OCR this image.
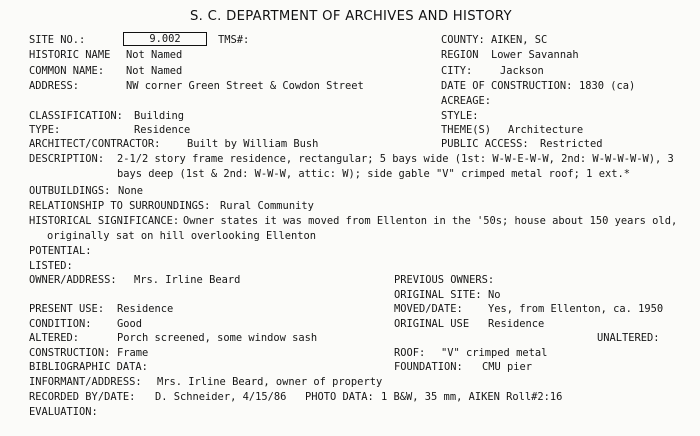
S. C. DEPARTMENT OF ARCHIVES AND HISTORY
SITE NO.:	9.002	TMS#:	COUNTY: AIKEN, SC
HISTORIC NAME Not Named	REGION Lower Savannah
COMMON NAME: Not Named	CITY:	Jackson
ADDRESS:	NW corner Green Street & Cowdon Street	DATE OF CONSTRUCTION: 1830 (ca)
ACREAGE:
CLASSIFICATION: Building	STYLE:
TYPE:	Residence	THEME(S) Architecture
ARCHITECT/CONTRACTOR:	Built by William Bush	PUBLIC ACCESS: Restricted
DESCRIPTION: 2-1/2 story frame residence, rectangular; 5 bays wide (1st: W-W-E-W-W, 2nd: W-W-W-W-W), 3
bays deep (1st & 2nd: W-W-W, attic: W); side gable "V" crimped metal roof; 1 ext.*
OUTBUILDINGS: None
RELATIONSHIP TO SURROUNDINGS: Rural Community
HISTORICAL SIGNIFICANCE: Owner states it was moved from Ellenton in the '50s; house about 150 years old,
originally sat on hill overlooking Ellenton
POTENTIAL:
LISTED:
OWNER/ADDRESS: Mrs. Irline Beard	PREVIOUS OWNERS:
ORIGINAL SITE: No
PRESENT USE: Residence	MOVED/DATE: Yes, from Ellenton, ca. 1950
CONDITION: Good	ORIGINAL USE Residence
ALTERED:	Porch screened, some window sash	UNALTERED:
CONSTRUCTION: Frame	ROOF: "V" crimped metal
BIBLIOGRAPHIC DATA:	FOUNDATION: CMU pier
INFORMANT/ADDRESS: Mrs. Irline Beard, owner of property
RECORDED BY/DATE: D. Schneider, 4/15/86 PHOTO DATA: 1 B&W, 35 mm, AIKEN Roll#2:16
EVALUATION:
